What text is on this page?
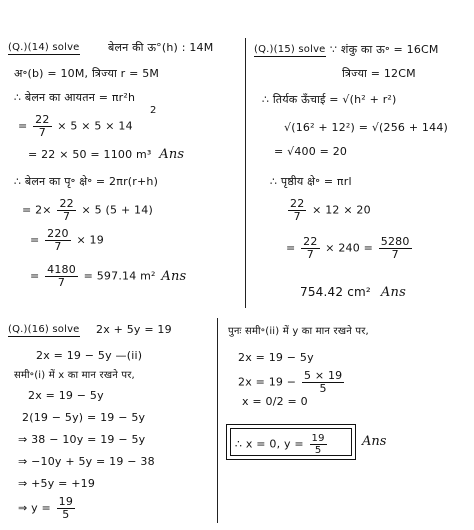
(Q.)(14) solve	बेलन की ऊ°(h) : 14M
अ॰(b) = 10M, त्रिज्या r = 5M
∴ बेलन का आयतन = πr²h
= $\frac{22}{7} \times 5 \times 5 \times 14$
2
= 22 × 50 = 1100 m³ Ans
∴ बेलन का पृ॰ क्षे॰ = 2πr(r+h)
= $2\times \frac{22}{7} \times 5$ (5 + 14)
= $\frac{220}{7} \times 19$
= $\frac{4180}{7} = 597.14$ m² Ans
(Q.)(15) solve ∵ शंकु का ऊ॰ = 16CM
त्रिज्या = 12CM
∴ तिर्यक ऊँचाई = √(h² + r²)
√(16² + 12²) = √(256 + 144)
= √400 = 20
∴ पृष्ठीय क्षे॰ = πrl
$\frac{22}{7} \times 12 \times 20$
= $\frac{22}{7} \times 240 = \frac{5280}{7}$
754.42 cm² Ans
(Q.)(16) solve 2x + 5y = 19
2x = 19 − 5y —(ii)
समी॰(i) में x का मान रखने पर,
2x = 19 − 5y
2(19 − 5y) = 19 − 5y
⇒ 38 − 10y = 19 − 5y
⇒ −10y + 5y = 19 − 38
⇒ +5y = +19
⇒ $y = \frac{19}{5}$
पुनः समी॰(ii) में y का मान रखने पर,
2x = 19 − 5y
$2x = 19 - \frac{5 \times 19}{5}$
x = 0/2 = 0
∴ x = 0, $y = \frac{19}{5}$	Ans
